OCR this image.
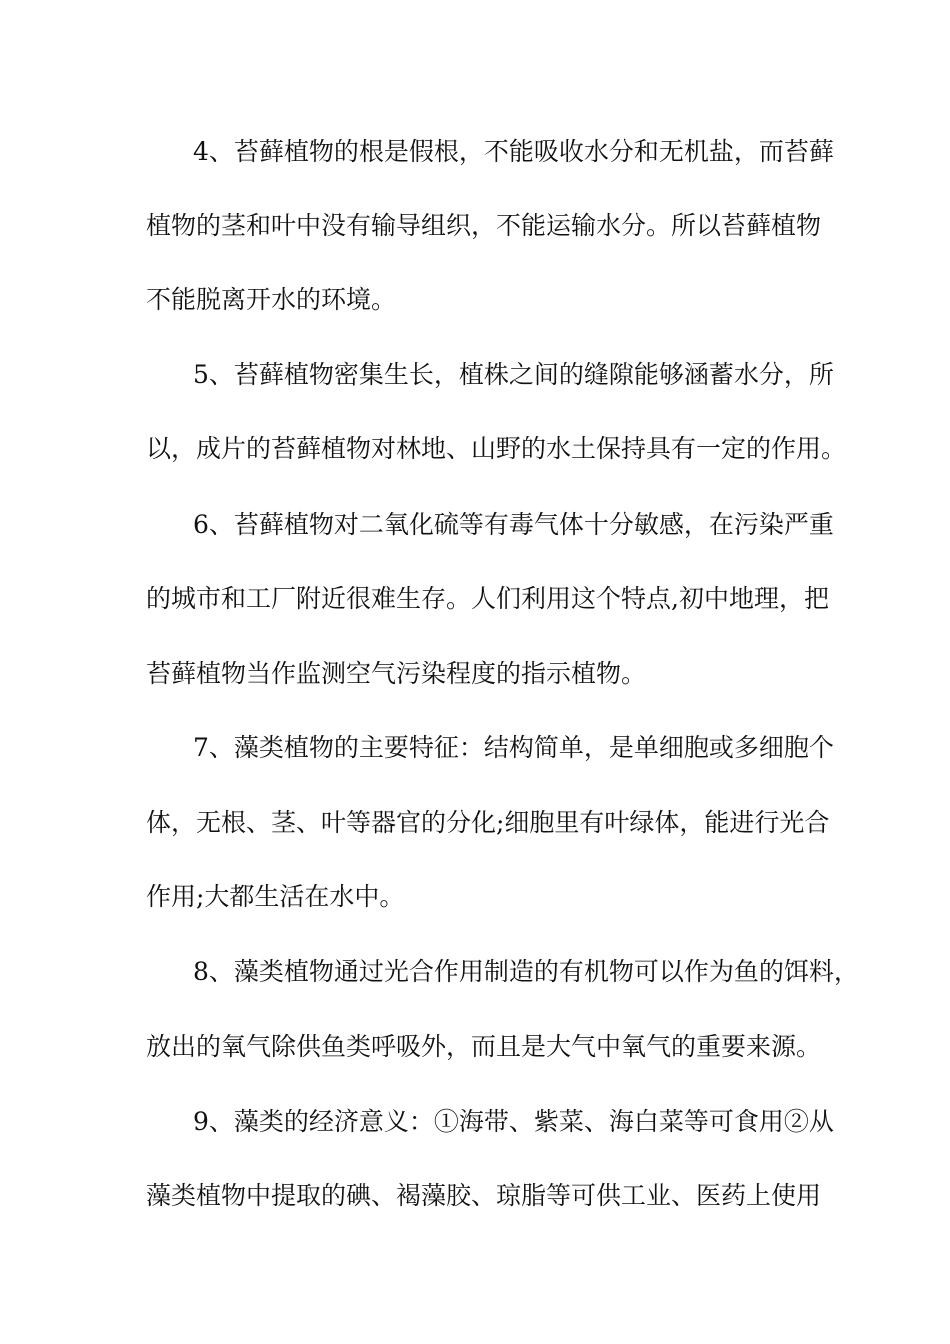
4、苔藓植物的根是假根，不能吸收水分和无机盐，而苔藓
植物的茎和叶中没有输导组织，不能运输水分。所以苔藓植物
不能脱离开水的环境。
5、苔藓植物密集生长，植株之间的缝隙能够涵蓄水分，所
以，成片的苔藓植物对林地、山野的水土保持具有一定的作用。
6、苔藓植物对二氧化硫等有毒气体十分敏感，在污染严重
的城市和工厂附近很难生存。人们利用这个特点,初中地理，把
苔藓植物当作监测空气污染程度的指示植物。
7、藻类植物的主要特征：结构简单，是单细胞或多细胞个
体，无根、茎、叶等器官的分化;细胞里有叶绿体，能进行光合
作用;大都生活在水中。
8、藻类植物通过光合作用制造的有机物可以作为鱼的饵料，
放出的氧气除供鱼类呼吸外，而且是大气中氧气的重要来源。
9、藻类的经济意义：①海带、紫菜、海白菜等可食用②从
藻类植物中提取的碘、褐藻胶、琼脂等可供工业、医药上使用
